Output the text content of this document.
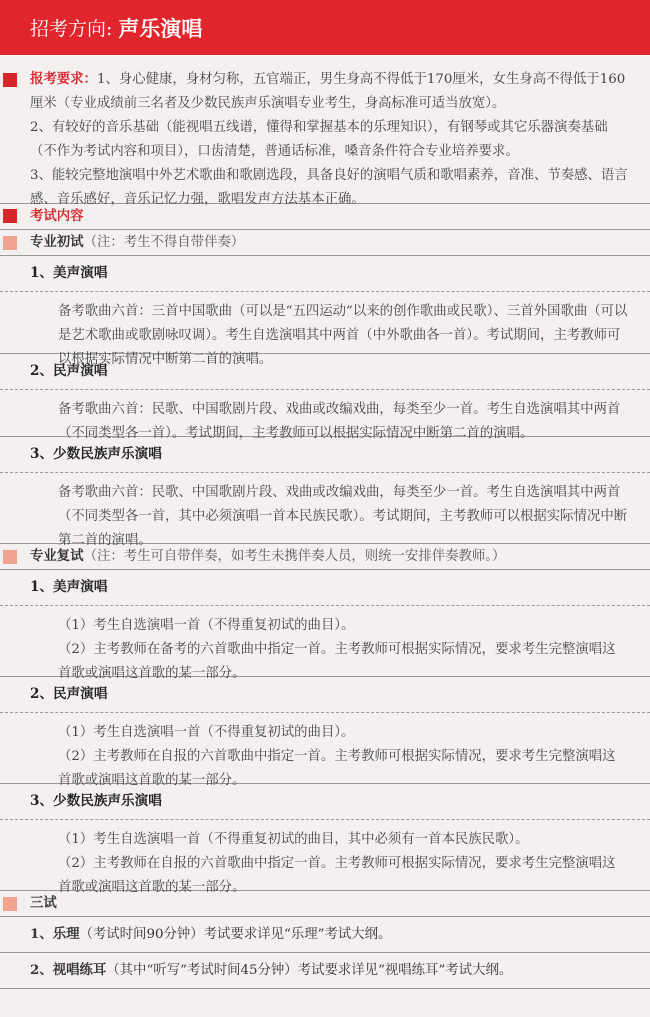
招考方向: 声乐演唱
报考要求：1、身心健康，身材匀称，五官端正，男生身高不得低于170厘米，女生身高不得低于160厘米（专业成绩前三名者及少数民族声乐演唱专业考生，身高标准可适当放宽）。
2、有较好的音乐基础（能视唱五线谱，懂得和掌握基本的乐理知识），有钢琴或其它乐器演奏基础（不作为考试内容和项目），口齿清楚，普通话标准，嗓音条件符合专业培养要求。
3、能较完整地演唱中外艺术歌曲和歌剧选段，具备良好的演唱气质和歌唱素养，音准、节奏感、语言感、音乐感好，音乐记忆力强，歌唱发声方法基本正确。
考试内容
专业初试（注：考生不得自带伴奏）
1、美声演唱
备考歌曲六首：三首中国歌曲（可以是“五四运动”以来的创作歌曲或民歌）、三首外国歌曲（可以是艺术歌曲或歌剧咏叹调）。考生自选演唱其中两首（中外歌曲各一首）。考试期间，主考教师可以根据实际情况中断第二首的演唱。
2、民声演唱
备考歌曲六首：民歌、中国歌剧片段、戏曲或改编戏曲，每类至少一首。考生自选演唱其中两首（不同类型各一首）。考试期间，主考教师可以根据实际情况中断第二首的演唱。
3、少数民族声乐演唱
备考歌曲六首：民歌、中国歌剧片段、戏曲或改编戏曲，每类至少一首。考生自选演唱其中两首（不同类型各一首，其中必须演唱一首本民族民歌）。考试期间，主考教师可以根据实际情况中断第二首的演唱。
专业复试（注：考生可自带伴奏，如考生未携伴奏人员，则统一安排伴奏教师。）
1、美声演唱
（1）考生自选演唱一首（不得重复初试的曲目）。
（2）主考教师在备考的六首歌曲中指定一首。主考教师可根据实际情况，要求考生完整演唱这首歌或演唱这首歌的某一部分。
2、民声演唱
（1）考生自选演唱一首（不得重复初试的曲目）。
（2）主考教师在自报的六首歌曲中指定一首。主考教师可根据实际情况，要求考生完整演唱这首歌或演唱这首歌的某一部分。
3、少数民族声乐演唱
（1）考生自选演唱一首（不得重复初试的曲目，其中必须有一首本民族民歌）。
（2）主考教师在自报的六首歌曲中指定一首。主考教师可根据实际情况，要求考生完整演唱这首歌或演唱这首歌的某一部分。
三试
1、乐理（考试时间90分钟）考试要求详见“乐理”考试大纲。
2、视唱练耳（其中“听写”考试时间45分钟）考试要求详见“视唱练耳”考试大纲。
